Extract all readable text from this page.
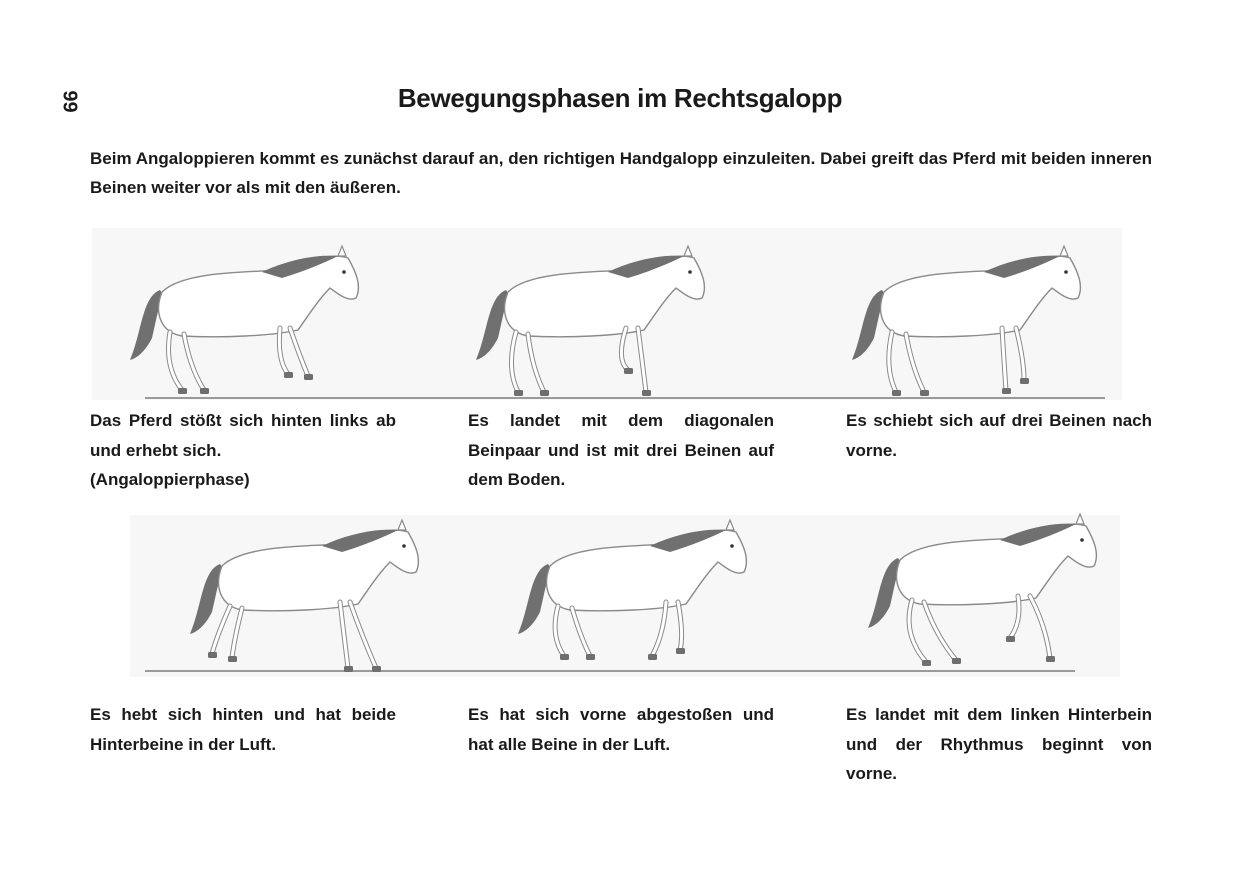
99	Bewegungsphasen im Rechtsgalopp

Beim Angaloppieren kommt es zunächst darauf an, den richtigen Handgalopp einzuleiten. Dabei greift das Pferd mit beiden inneren Beinen weiter vor als mit den äußeren.

Das Pferd stößt sich hinten links ab und erhebt sich.
(Angaloppierphase)

Es landet mit dem diagonalen Beinpaar und ist mit drei Beinen auf dem Boden.

Es schiebt sich auf drei Beinen nach vorne.

Es hebt sich hinten und hat beide Hinterbeine in der Luft.

Es hat sich vorne abgestoßen und hat alle Beine in der Luft.

Es landet mit dem linken Hinterbein und der Rhythmus beginnt von vorne.
